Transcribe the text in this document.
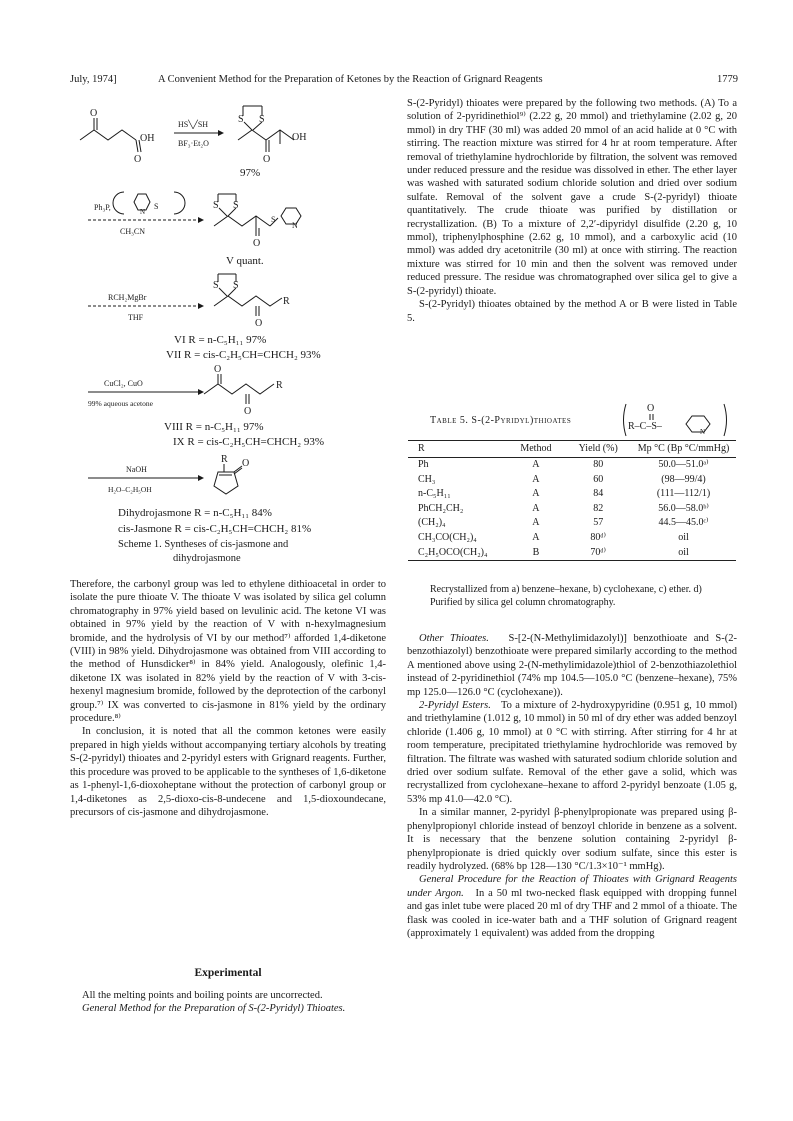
July, 1974]	A Convenient Method for the Preparation of Ketones by the Reaction of Grignard Reagents	1779
O
OH
O
HS╲╱SH
BF₃·Et₂O
S S
OH
O
97%
Ph₃P,	N
S
CH₃CN
S S
S
N
O
V quant.
RCH₂MgBr
THF
S S
R
O
VI R = n-C₅H₁₁ 97%
VII R = cis-C₂H₅CH=CHCH₂ 93%
CuCl₂, CuO
99% aqueous acetone
O
R
O
VIII R = n-C₅H₁₁ 97%
IX R = cis-C₂H₅CH=CHCH₂ 93%
NaOH
H₂O–C₂H₅OH
R O
Dihydrojasmone R = n-C₅H₁₁ 84%
cis-Jasmone R = cis-C₂H₅CH=CHCH₂ 81%
Scheme 1. Syntheses of cis-jasmone and
dihydrojasmone

Therefore, the carbonyl group was led to ethylene dithioacetal in order to isolate the pure thioate V. The thioate V was isolated by silica gel column chromatography in 97% yield based on levulinic acid. The ketone VI was obtained in 97% yield by the reaction of V with n-hexylmagnesium bromide, and the hydrolysis of VI by our method⁷⁾ afforded 1,4-diketone (VIII) in 98% yield. Dihydrojasmone was obtained from VIII according to the method of Hunsdicker⁸⁾ in 84% yield. Analogously, olefinic 1,4-diketone IX was isolated in 82% yield by the reaction of V with 3-cis-hexenyl magnesium bromide, followed by the deprotection of the carbonyl group.⁷⁾ IX was converted to cis-jasmone in 81% yield by the ordinary procedure.⁸⁾

In conclusion, it is noted that all the common ketones were easily prepared in high yields without accompanying tertiary alcohols by treating S-(2-pyridyl) thioates and 2-pyridyl esters with Grignard reagents. Further, this procedure was proved to be applicable to the syntheses of 1,6-diketone as 1-phenyl-1,6-dioxoheptane without the protection of carbonyl group or 1,4-diketones as 2,5-dioxo-cis-8-undecene and 1,5-dioxoundecane, precursors of cis-jasmone and dihydrojasmone.

Experimental

All the melting points and boiling points are uncorrected.

General Method for the Preparation of S-(2-Pyridyl) Thioates.

S-(2-Pyridyl) thioates were prepared by the following two methods. (A) To a solution of 2-pyridinethiol⁹⁾ (2.22 g, 20 mmol) and triethylamine (2.02 g, 20 mmol) in dry THF (30 ml) was added 20 mmol of an acid halide at 0 °C with stirring. The reaction mixture was stirred for 4 hr at room temperature. After removal of triethylamine hydrochloride by filtration, the solvent was removed under reduced pressure and the residue was dissolved in ether. The ether layer was washed with saturated sodium chloride solution and dried over sodium sulfate. Removal of the solvent gave a crude S-(2-pyridyl) thioate quantitatively. The crude thioate was purified by distillation or recrystallization. (B) To a mixture of 2,2′-dipyridyl disulfide (2.20 g, 10 mmol), triphenylphosphine (2.62 g, 10 mmol), and a carboxylic acid (10 mmol) was added dry acetonitrile (30 ml) at once with stirring. The reaction mixture was stirred for 10 min and then the solvent was removed under reduced pressure. The residue was chromatographed over silica gel to give a S-(2-pyridyl) thioate.

S-(2-Pyridyl) thioates obtained by the method A or B were listed in Table 5.

Table 5. S-(2-Pyridyl)thioates
O
R–C–S–	N
R	Method	Yield (%)	Mp °C (Bp °C/mmHg)
Ph	A	80	50.0—51.0ᵃ⁾
CH₃	A	60	(98—99/4)
n-C₅H₁₁	A	84	(111—112/1)
PhCH₂CH₂	A	82	56.0—58.0ᵇ⁾
(CH₂)₄	A	57	44.5—45.0ᶜ⁾
CH₃CO(CH₂)₄	A	80ᵈ⁾	oil
C₂H₅OCO(CH₂)₄	B	70ᵈ⁾	oil
Recrystallized from a) benzene–hexane, b) cyclohexane, c) ether. d) Purified by silica gel column chromatography.

Other Thioates. S-[2-(N-Methylimidazolyl)] benzothioate and S-(2-benzothiazolyl) benzothioate were prepared similarly according to the method A mentioned above using 2-(N-methylimidazole)thiol of 2-benzothiazolethiol instead of 2-pyridinethiol (74% mp 104.5—105.0 °C (benzene–hexane), 75% mp 125.0—126.0 °C (cyclohexane)).

2-Pyridyl Esters. To a mixture of 2-hydroxypyridine (0.951 g, 10 mmol) and triethylamine (1.012 g, 10 mmol) in 50 ml of dry ether was added benzoyl chloride (1.406 g, 10 mmol) at 0 °C with stirring. After stirring for 4 hr at room temperature, precipitated triethylamine hydrochloride was removed by filtration. The filtrate was washed with saturated sodium chloride solution and dried over sodium sulfate. Removal of the ether gave a solid, which was recrystallized from cyclohexane–hexane to afford 2-pyridyl benzoate (1.05 g, 53% mp 41.0—42.0 °C).

In a similar manner, 2-pyridyl β-phenylpropionate was prepared using β-phenylpropionyl chloride instead of benzoyl chloride in benzene as a solvent. It is necessary that the benzene solution containing 2-pyridyl β-phenylpropionate is dried quickly over sodium sulfate, since this ester is readily hydrolyzed. (68% bp 128—130 °C/1.3×10⁻¹ mmHg).

General Procedure for the Reaction of Thioates with Grignard Reagents under Argon. In a 50 ml two-necked flask equipped with dropping funnel and gas inlet tube were placed 20 ml of dry THF and 2 mmol of a thioate. The flask was cooled in ice-water bath and a THF solution of Grignard reagent (approximately 1 equivalent) was added from the dropping
